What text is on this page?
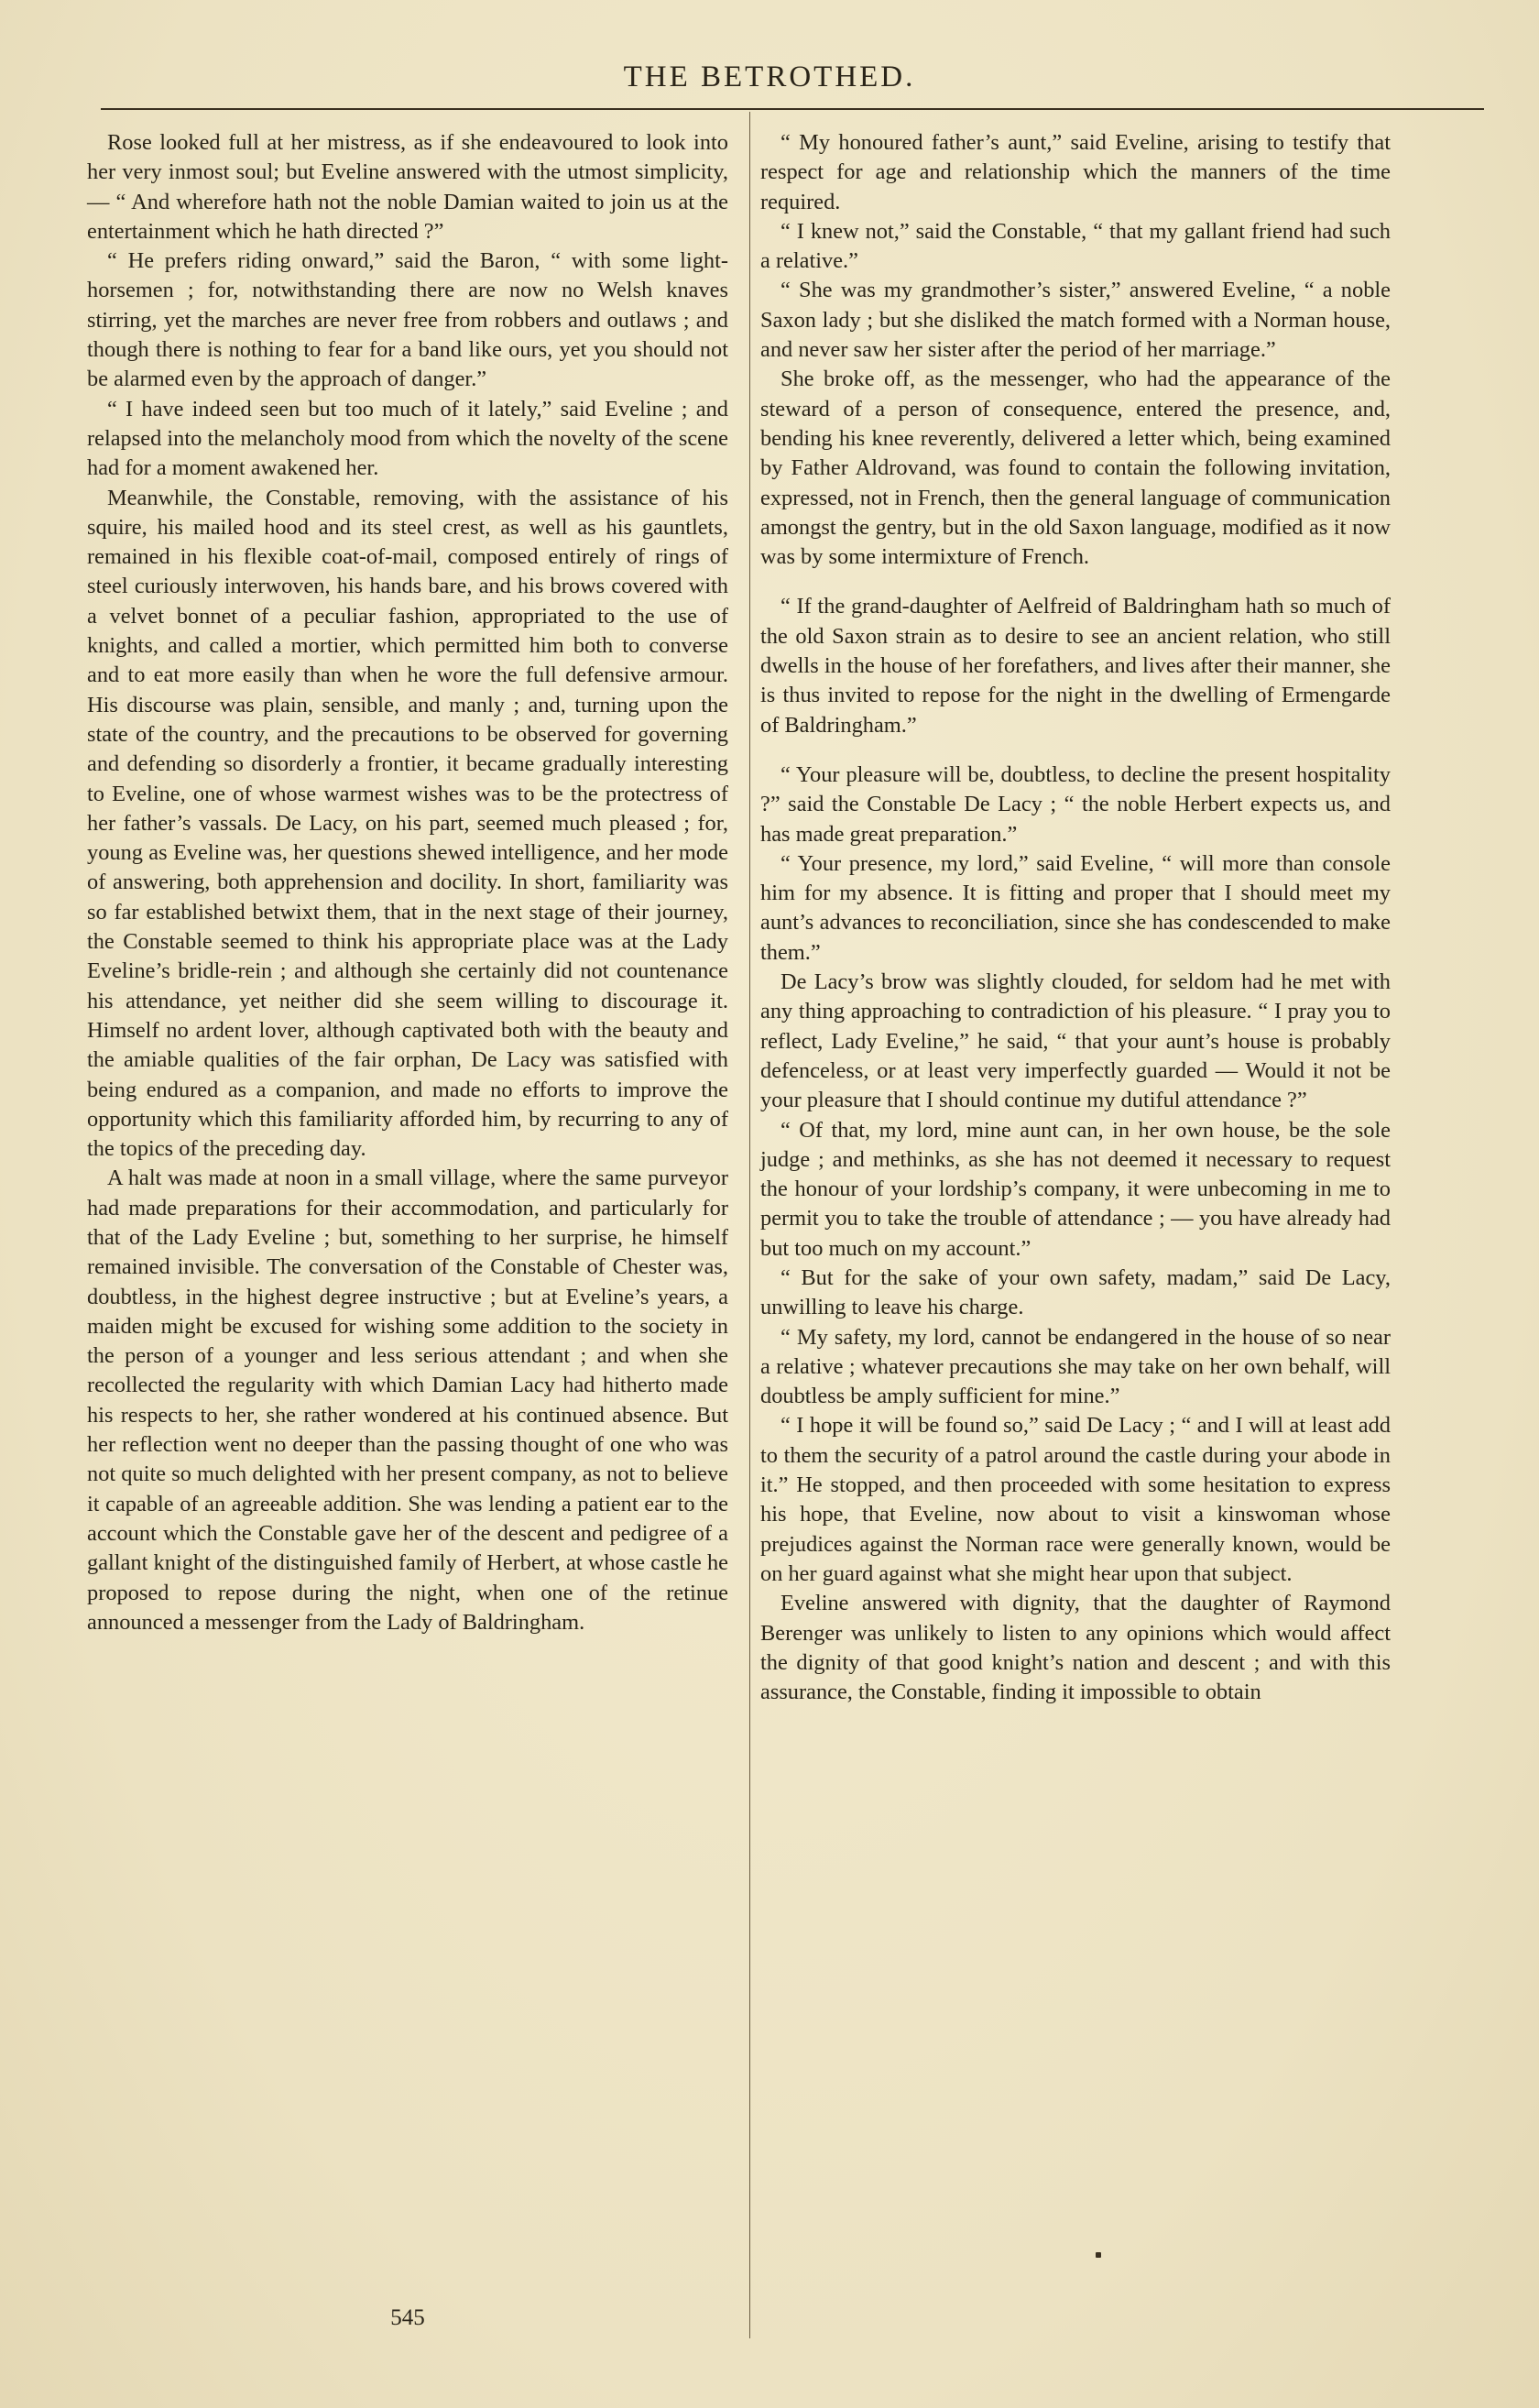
THE BETROTHED.

Rose looked full at her mistress, as if she endeavoured to look into her very inmost soul; but Eveline answered with the utmost simplicity, — “ And wherefore hath not the noble Damian waited to join us at the entertainment which he hath directed ?”

“ He prefers riding onward,” said the Baron, “ with some light-horsemen ; for, notwithstanding there are now no Welsh knaves stirring, yet the marches are never free from robbers and outlaws ; and though there is nothing to fear for a band like ours, yet you should not be alarmed even by the approach of danger.”

“ I have indeed seen but too much of it lately,” said Eveline ; and relapsed into the melancholy mood from which the novelty of the scene had for a moment awakened her.

Meanwhile, the Constable, removing, with the assistance of his squire, his mailed hood and its steel crest, as well as his gauntlets, remained in his flexible coat-of-mail, composed entirely of rings of steel curiously interwoven, his hands bare, and his brows covered with a velvet bonnet of a peculiar fashion, appropriated to the use of knights, and called a mortier, which permitted him both to converse and to eat more easily than when he wore the full defensive armour. His discourse was plain, sensible, and manly ; and, turning upon the state of the country, and the precautions to be observed for governing and defending so disorderly a frontier, it became gradually interesting to Eveline, one of whose warmest wishes was to be the protectress of her father’s vassals. De Lacy, on his part, seemed much pleased ; for, young as Eveline was, her questions shewed intelligence, and her mode of answering, both apprehension and docility. In short, familiarity was so far established betwixt them, that in the next stage of their journey, the Constable seemed to think his appropriate place was at the Lady Eveline’s bridle-rein ; and although she certainly did not countenance his attendance, yet neither did she seem willing to discourage it. Himself no ardent lover, although captivated both with the beauty and the amiable qualities of the fair orphan, De Lacy was satisfied with being endured as a companion, and made no efforts to improve the opportunity which this familiarity afforded him, by recurring to any of the topics of the preceding day.

A halt was made at noon in a small village, where the same purveyor had made preparations for their accommodation, and particularly for that of the Lady Eveline ; but, something to her surprise, he himself remained invisible. The conversation of the Constable of Chester was, doubtless, in the highest degree instructive ; but at Eveline’s years, a maiden might be excused for wishing some addition to the society in the person of a younger and less serious attendant ; and when she recollected the regularity with which Damian Lacy had hitherto made his respects to her, she rather wondered at his continued absence. But her reflection went no deeper than the passing thought of one who was not quite so much delighted with her present company, as not to believe it capable of an agreeable addition. She was lending a patient ear to the account which the Constable gave her of the descent and pedigree of a gallant knight of the distinguished family of Herbert, at whose castle he proposed to repose during the night, when one of the retinue announced a messenger from the Lady of Baldringham.

“ My honoured father’s aunt,” said Eveline, arising to testify that respect for age and relationship which the manners of the time required.

“ I knew not,” said the Constable, “ that my gallant friend had such a relative.”

“ She was my grandmother’s sister,” answered Eveline, “ a noble Saxon lady ; but she disliked the match formed with a Norman house, and never saw her sister after the period of her marriage.”

She broke off, as the messenger, who had the appearance of the steward of a person of consequence, entered the presence, and, bending his knee reverently, delivered a letter which, being examined by Father Aldrovand, was found to contain the following invitation, expressed, not in French, then the general language of communication amongst the gentry, but in the old Saxon language, modified as it now was by some intermixture of French.

“ If the grand-daughter of Aelfreid of Baldringham hath so much of the old Saxon strain as to desire to see an ancient relation, who still dwells in the house of her forefathers, and lives after their manner, she is thus invited to repose for the night in the dwelling of Ermengarde of Baldringham.”

“ Your pleasure will be, doubtless, to decline the present hospitality ?” said the Constable De Lacy ; “ the noble Herbert expects us, and has made great preparation.”

“ Your presence, my lord,” said Eveline, “ will more than console him for my absence. It is fitting and proper that I should meet my aunt’s advances to reconciliation, since she has condescended to make them.”

De Lacy’s brow was slightly clouded, for seldom had he met with any thing approaching to contradiction of his pleasure. “ I pray you to reflect, Lady Eveline,” he said, “ that your aunt’s house is probably defenceless, or at least very imperfectly guarded — Would it not be your pleasure that I should continue my dutiful attendance ?”

“ Of that, my lord, mine aunt can, in her own house, be the sole judge ; and methinks, as she has not deemed it necessary to request the honour of your lordship’s company, it were unbecoming in me to permit you to take the trouble of attendance ; — you have already had but too much on my account.”

“ But for the sake of your own safety, madam,” said De Lacy, unwilling to leave his charge.

“ My safety, my lord, cannot be endangered in the house of so near a relative ; whatever precautions she may take on her own behalf, will doubtless be amply sufficient for mine.”

“ I hope it will be found so,” said De Lacy ; “ and I will at least add to them the security of a patrol around the castle during your abode in it.” He stopped, and then proceeded with some hesitation to express his hope, that Eveline, now about to visit a kinswoman whose prejudices against the Norman race were generally known, would be on her guard against what she might hear upon that subject.

Eveline answered with dignity, that the daughter of Raymond Berenger was unlikely to listen to any opinions which would affect the dignity of that good knight’s nation and descent ; and with this assurance, the Constable, finding it impossible to obtain

545
